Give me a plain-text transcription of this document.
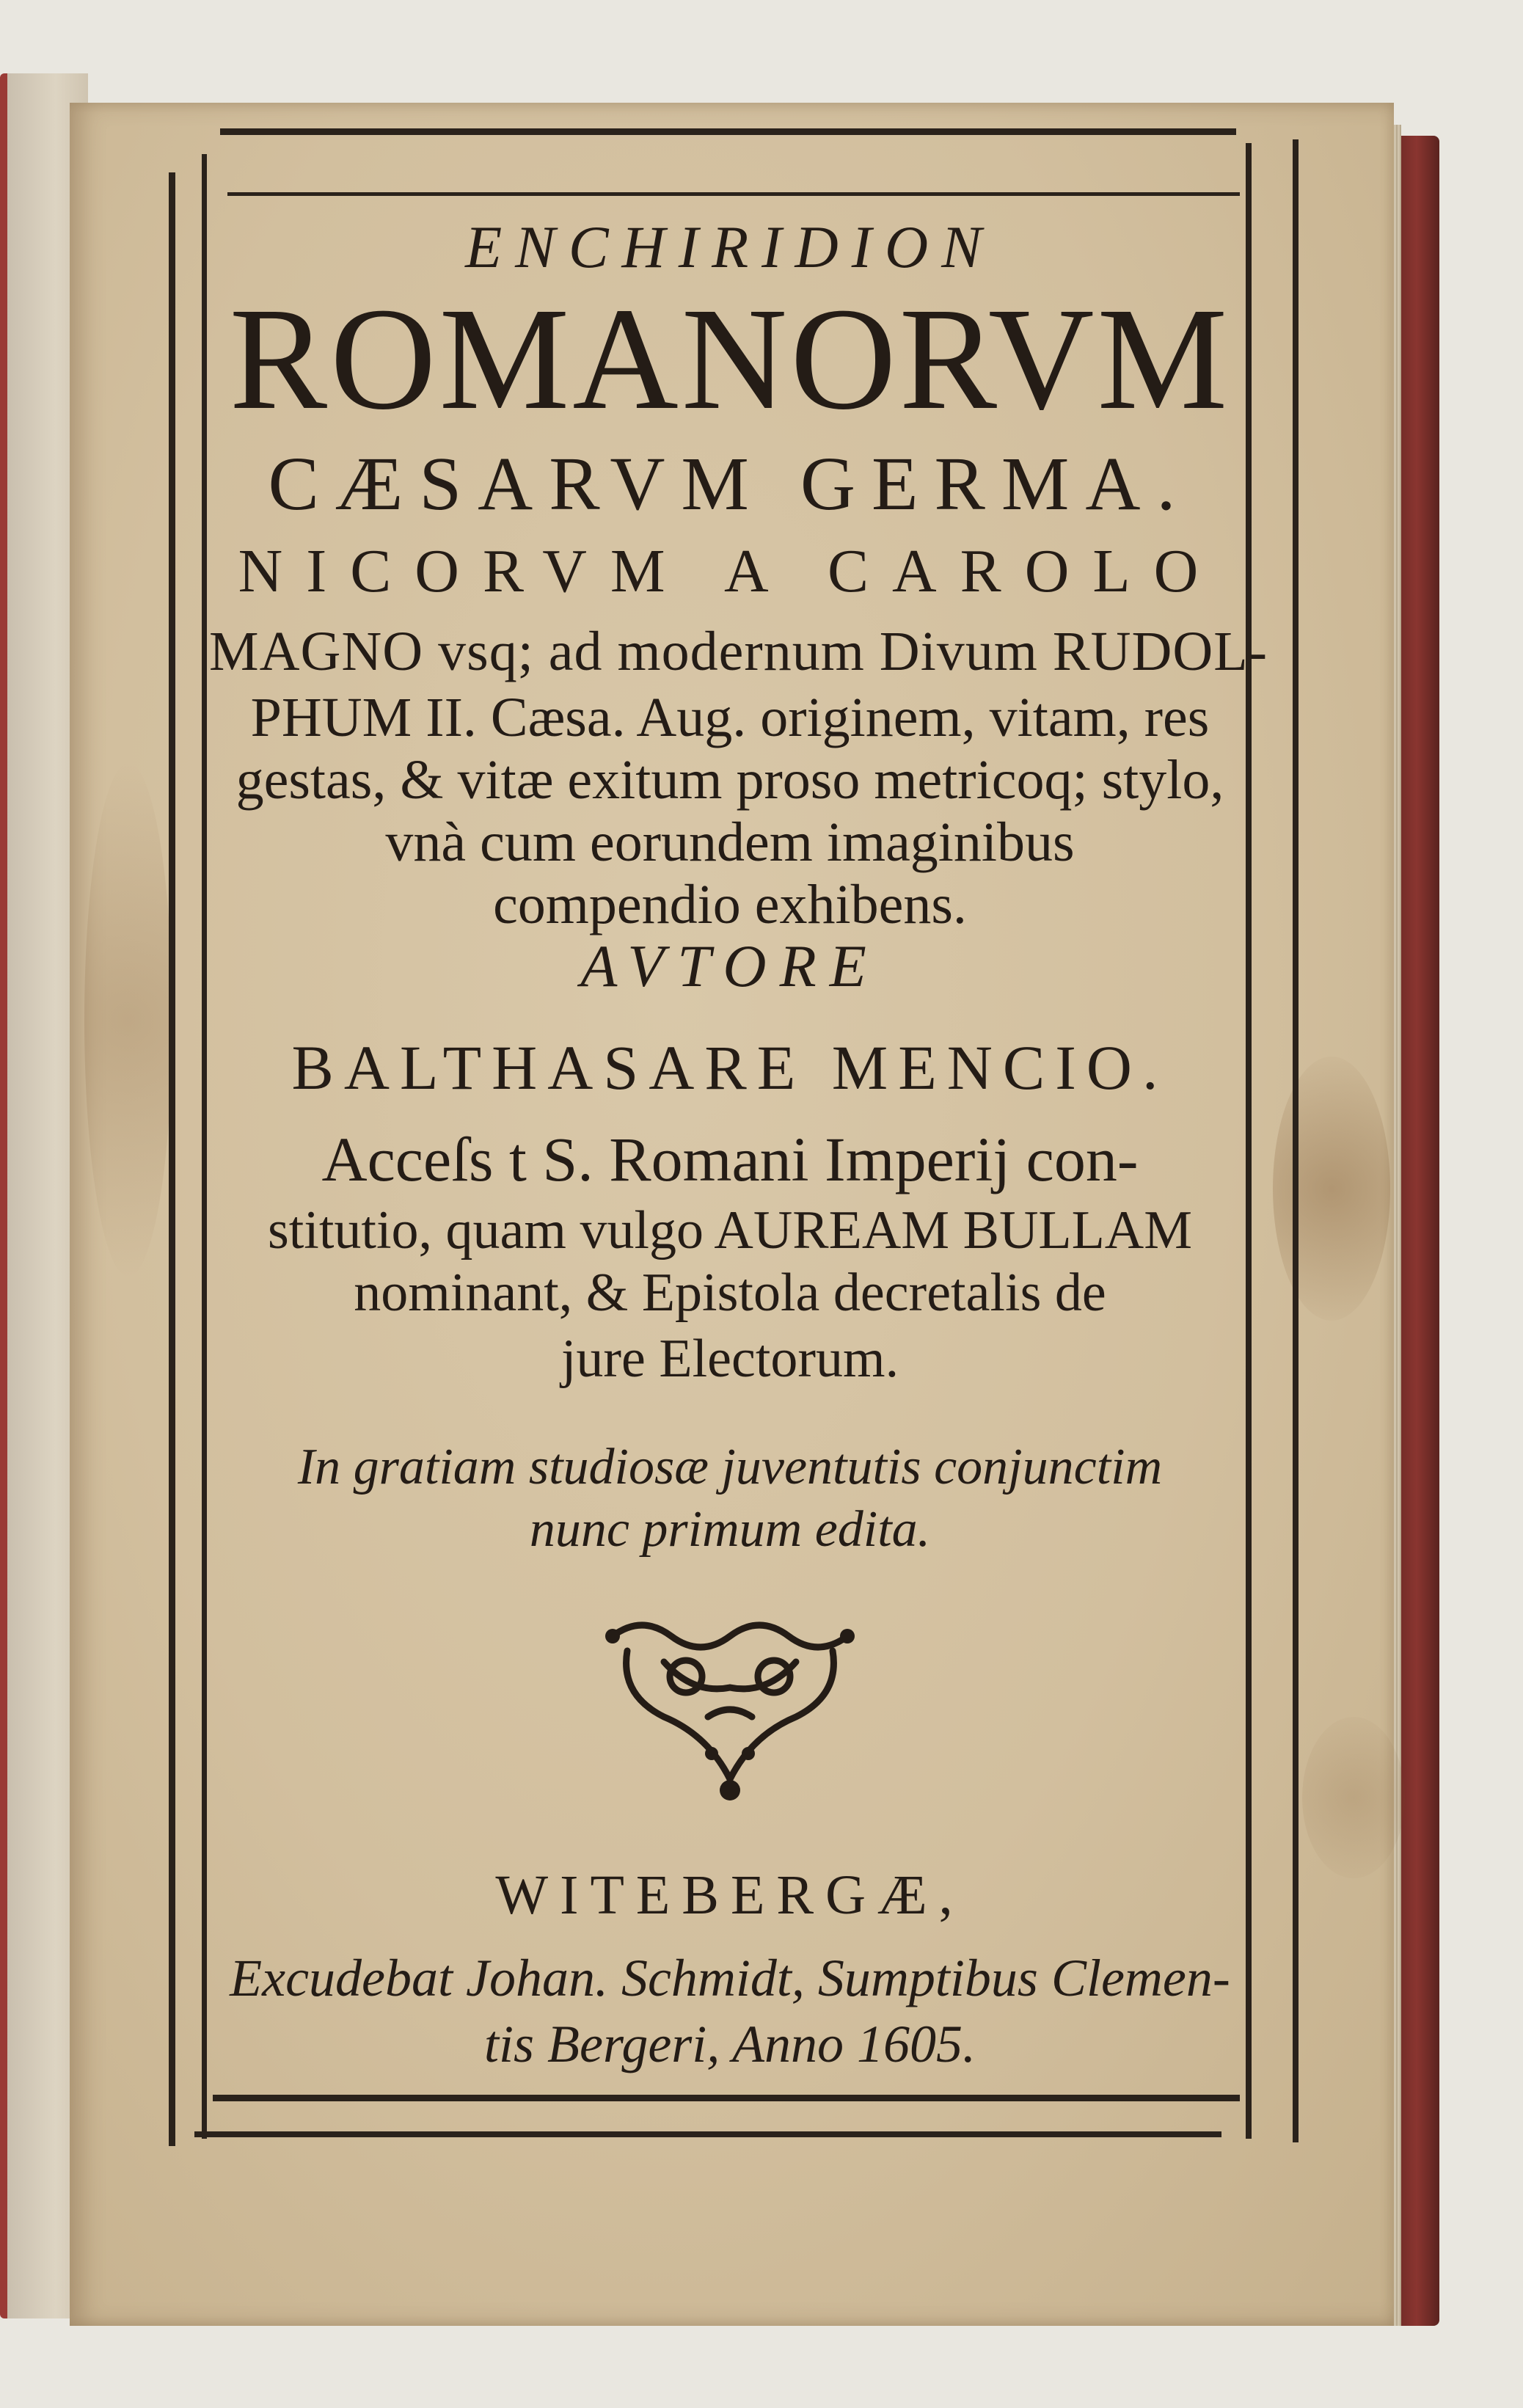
ENCHIRIDION
ROMANORVM
CÆSARVM GERMA.
NICORVM A CAROLO
MAGNO vsq; ad modernum Divum RUDOL-
PHUM II. Cæsa. Aug. originem, vitam, res
gestas, & vitæ exitum proso metricoq; stylo,
vnà cum eorundem imaginibus
compendio exhibens.
AVTORE
BALTHASARE MENCIO.
Acceſs t S. Romani Imperij con-
stitutio, quam vulgo AUREAM BULLAM
nominant, & Epistola decretalis de
jure Electorum.
In gratiam studiosæ juventutis conjunctim
nunc primum edita.
WITEBERGÆ,
Excudebat Johan. Schmidt, Sumptibus Clemen-
tis Bergeri, Anno 1605.
